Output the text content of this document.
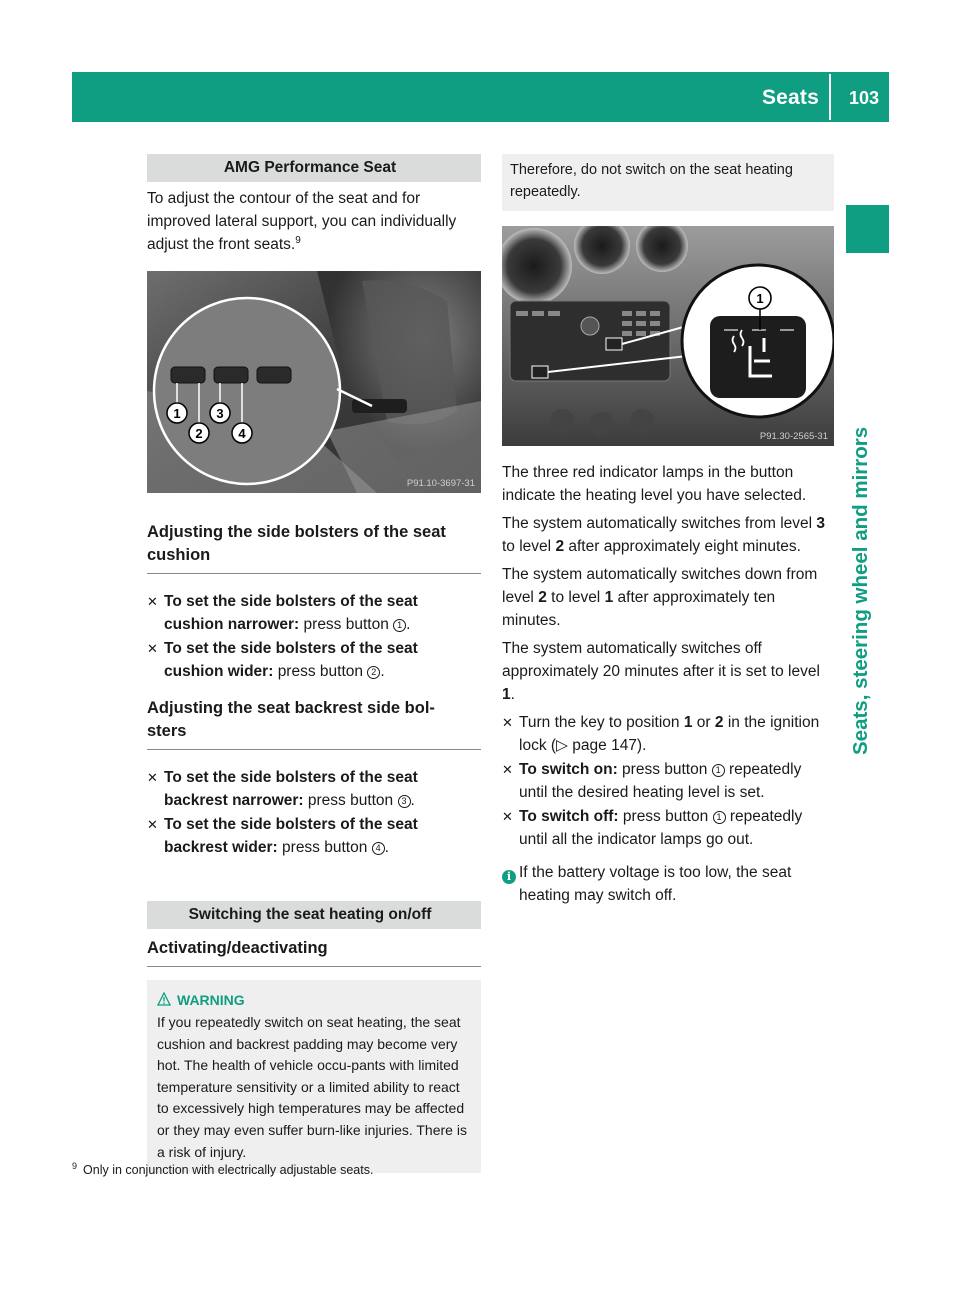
Seats 103
Seats, steering wheel and mirrors
AMG Performance Seat
To adjust the contour of the seat and for improved lateral support, you can individually adjust the front seats.$^9$
1
2
3
4
P91.10-3697-31
Adjusting the side bolsters of the seat cushion
✕ To set the side bolsters of the seat cushion narrower: press button 1 .
✕ To set the side bolsters of the seat cushion wider: press button 2 .
Adjusting the seat backrest side bol-
sters
✕ To set the side bolsters of the seat backrest narrower: press button 3 .
✕ To set the side bolsters of the seat backrest wider: press button 4 .
Switching the seat heating on/off
Activating/deactivating
WARNING
If you repeatedly switch on seat heating, the seat cushion and backrest padding may become very hot. The health of vehicle occu-pants with limited temperature sensitivity or a limited ability to react to excessively high temperatures may be affected or they may even suffer burn-like injuries. There is a risk of injury.
Therefore, do not switch on the seat heating repeatedly.
1
P91.30-2565-31
The three red indicator lamps in the button indicate the heating level you have selected.
The system automatically switches from level 3 to level 2 after approximately eight minutes.
The system automatically switches down from level 2 to level 1 after approximately ten minutes.
The system automatically switches off approximately 20 minutes after it is set to level 1.
✕ Turn the key to position 1 or 2 in the ignition lock (▷ page 147).
✕ To switch on: press button 1 repeatedly until the desired heating level is set.
✕ To switch off: press button 1 repeatedly until all the indicator lamps go out.
i If the battery voltage is too low, the seat heating may switch off.
$^9$ Only in conjunction with electrically adjustable seats.
